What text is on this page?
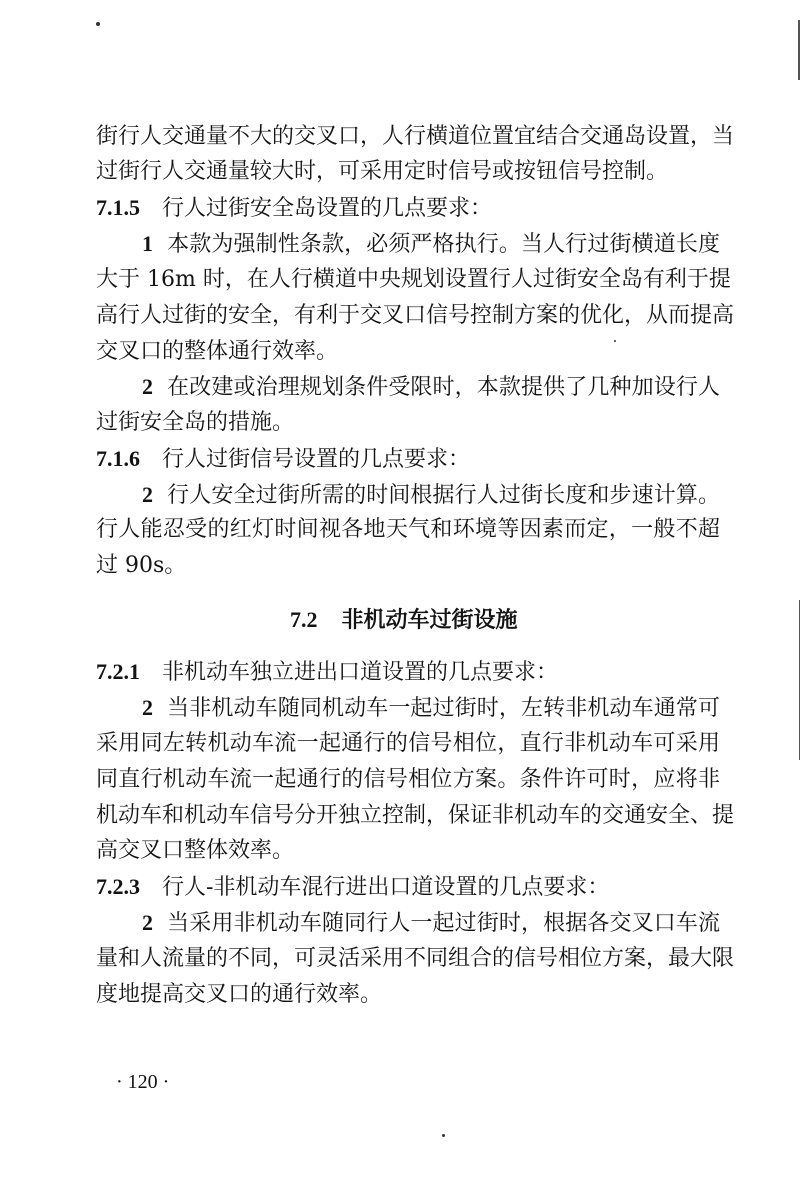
街行人交通量不大的交叉口，人行横道位置宜结合交通岛设置，当
过街行人交通量较大时，可采用定时信号或按钮信号控制。
7.1.5 行人过街安全岛设置的几点要求：
1 本款为强制性条款，必须严格执行。当人行过街横道长度
大于 16m 时，在人行横道中央规划设置行人过街安全岛有利于提
高行人过街的安全，有利于交叉口信号控制方案的优化，从而提高
交叉口的整体通行效率。
2 在改建或治理规划条件受限时，本款提供了几种加设行人
过街安全岛的措施。
7.1.6 行人过街信号设置的几点要求：
2 行人安全过街所需的时间根据行人过街长度和步速计算。
行人能忍受的红灯时间视各地天气和环境等因素而定，一般不超
过 90s。
7.2 非机动车过街设施
7.2.1 非机动车独立进出口道设置的几点要求：
2 当非机动车随同机动车一起过街时，左转非机动车通常可
采用同左转机动车流一起通行的信号相位，直行非机动车可采用
同直行机动车流一起通行的信号相位方案。条件许可时，应将非
机动车和机动车信号分开独立控制，保证非机动车的交通安全、提
高交叉口整体效率。
7.2.3 行人-非机动车混行进出口道设置的几点要求：
2 当采用非机动车随同行人一起过街时，根据各交叉口车流
量和人流量的不同，可灵活采用不同组合的信号相位方案，最大限
度地提高交叉口的通行效率。
· 120 ·
